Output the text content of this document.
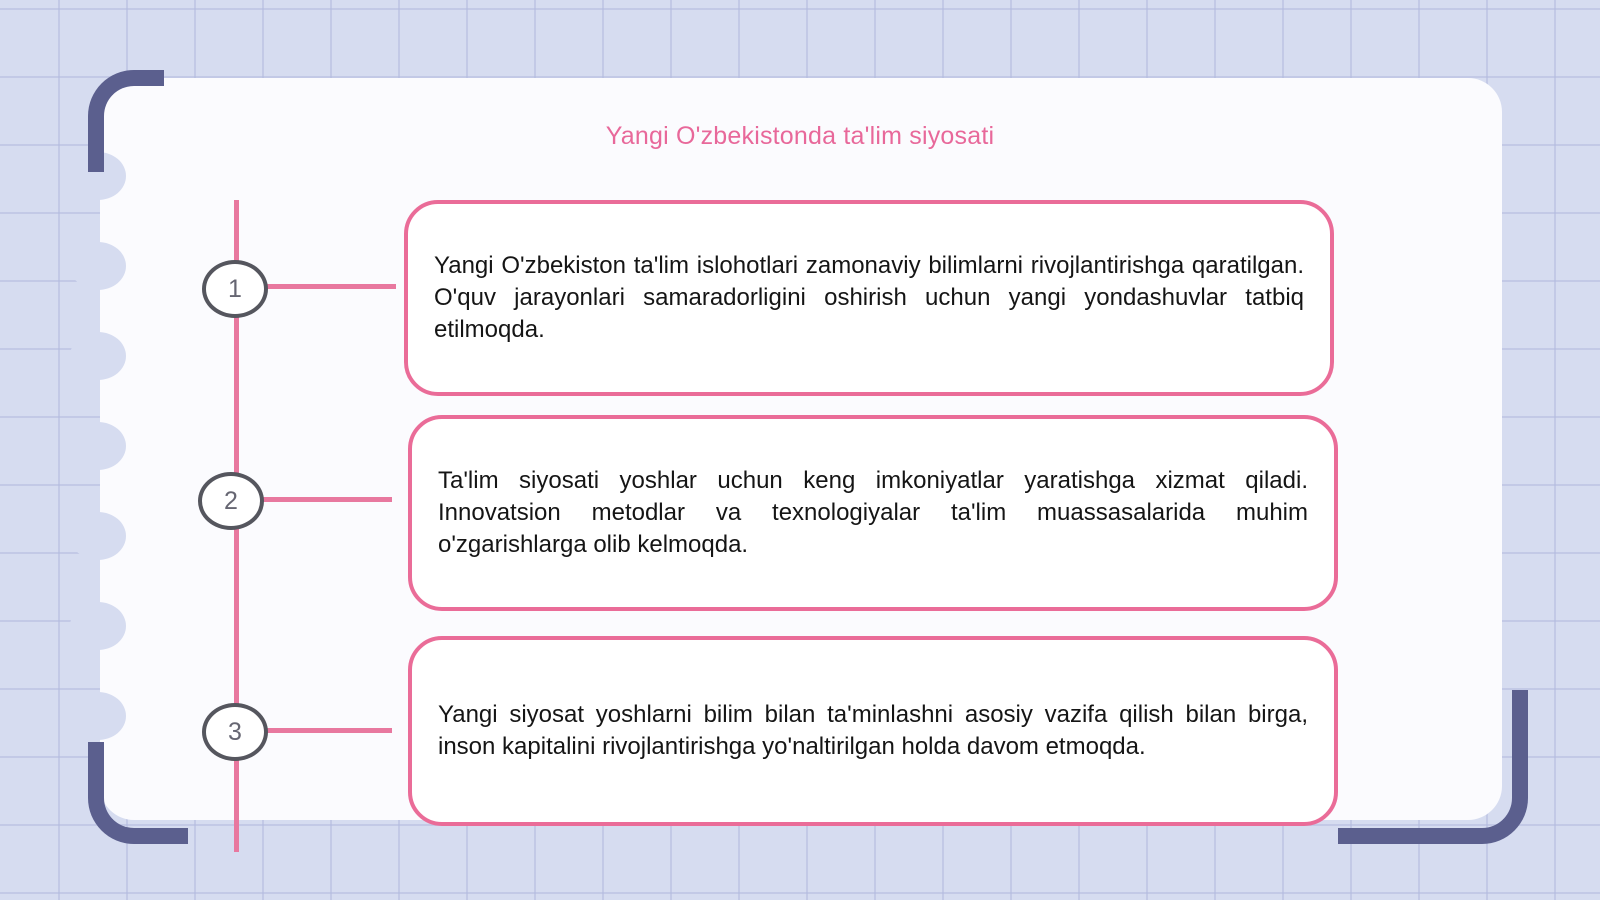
Yangi O'zbekistonda ta'lim siyosati
1
2
3

Yangi O'zbekiston ta'lim islohotlari zamonaviy bilimlarni rivojlantirishga qaratilgan. O'quv jarayonlari samaradorligini oshirish uchun yangi yondashuvlar tatbiq etilmoqda.

Ta'lim siyosati yoshlar uchun keng imkoniyatlar yaratishga xizmat qiladi. Innovatsion metodlar va texnologiyalar ta'lim muassasalarida muhim o'zgarishlarga olib kelmoqda.

Yangi siyosat yoshlarni bilim bilan ta'minlashni asosiy vazifa qilish bilan birga, inson kapitalini rivojlantirishga yo'naltirilgan holda davom etmoqda.
